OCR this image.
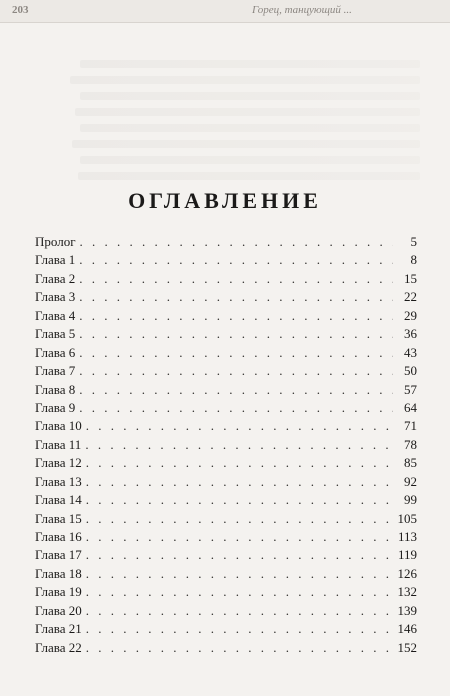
203	Горец, танцующий ...
ОГЛАВЛЕНИЕ
Пролог . . .	5
Глава 1 . . .	8
Глава 2 . . .	15
Глава 3 . . .	22
Глава 4 . . .	29
Глава 5 . . .	36
Глава 6 . . .	43
Глава 7 . . .	50
Глава 8 . . .	57
Глава 9 . . .	64
Глава 10 . . .	71
Глава 11 . . .	78
Глава 12 . . .	85
Глава 13 . . .	92
Глава 14 . . .	99
Глава 15 . . .	105
Глава 16 . . .	113
Глава 17 . . .	119
Глава 18 . . .	126
Глава 19 . . .	132
Глава 20 . . .	139
Глава 21 . . .	146
Глава 22 . . .	152
